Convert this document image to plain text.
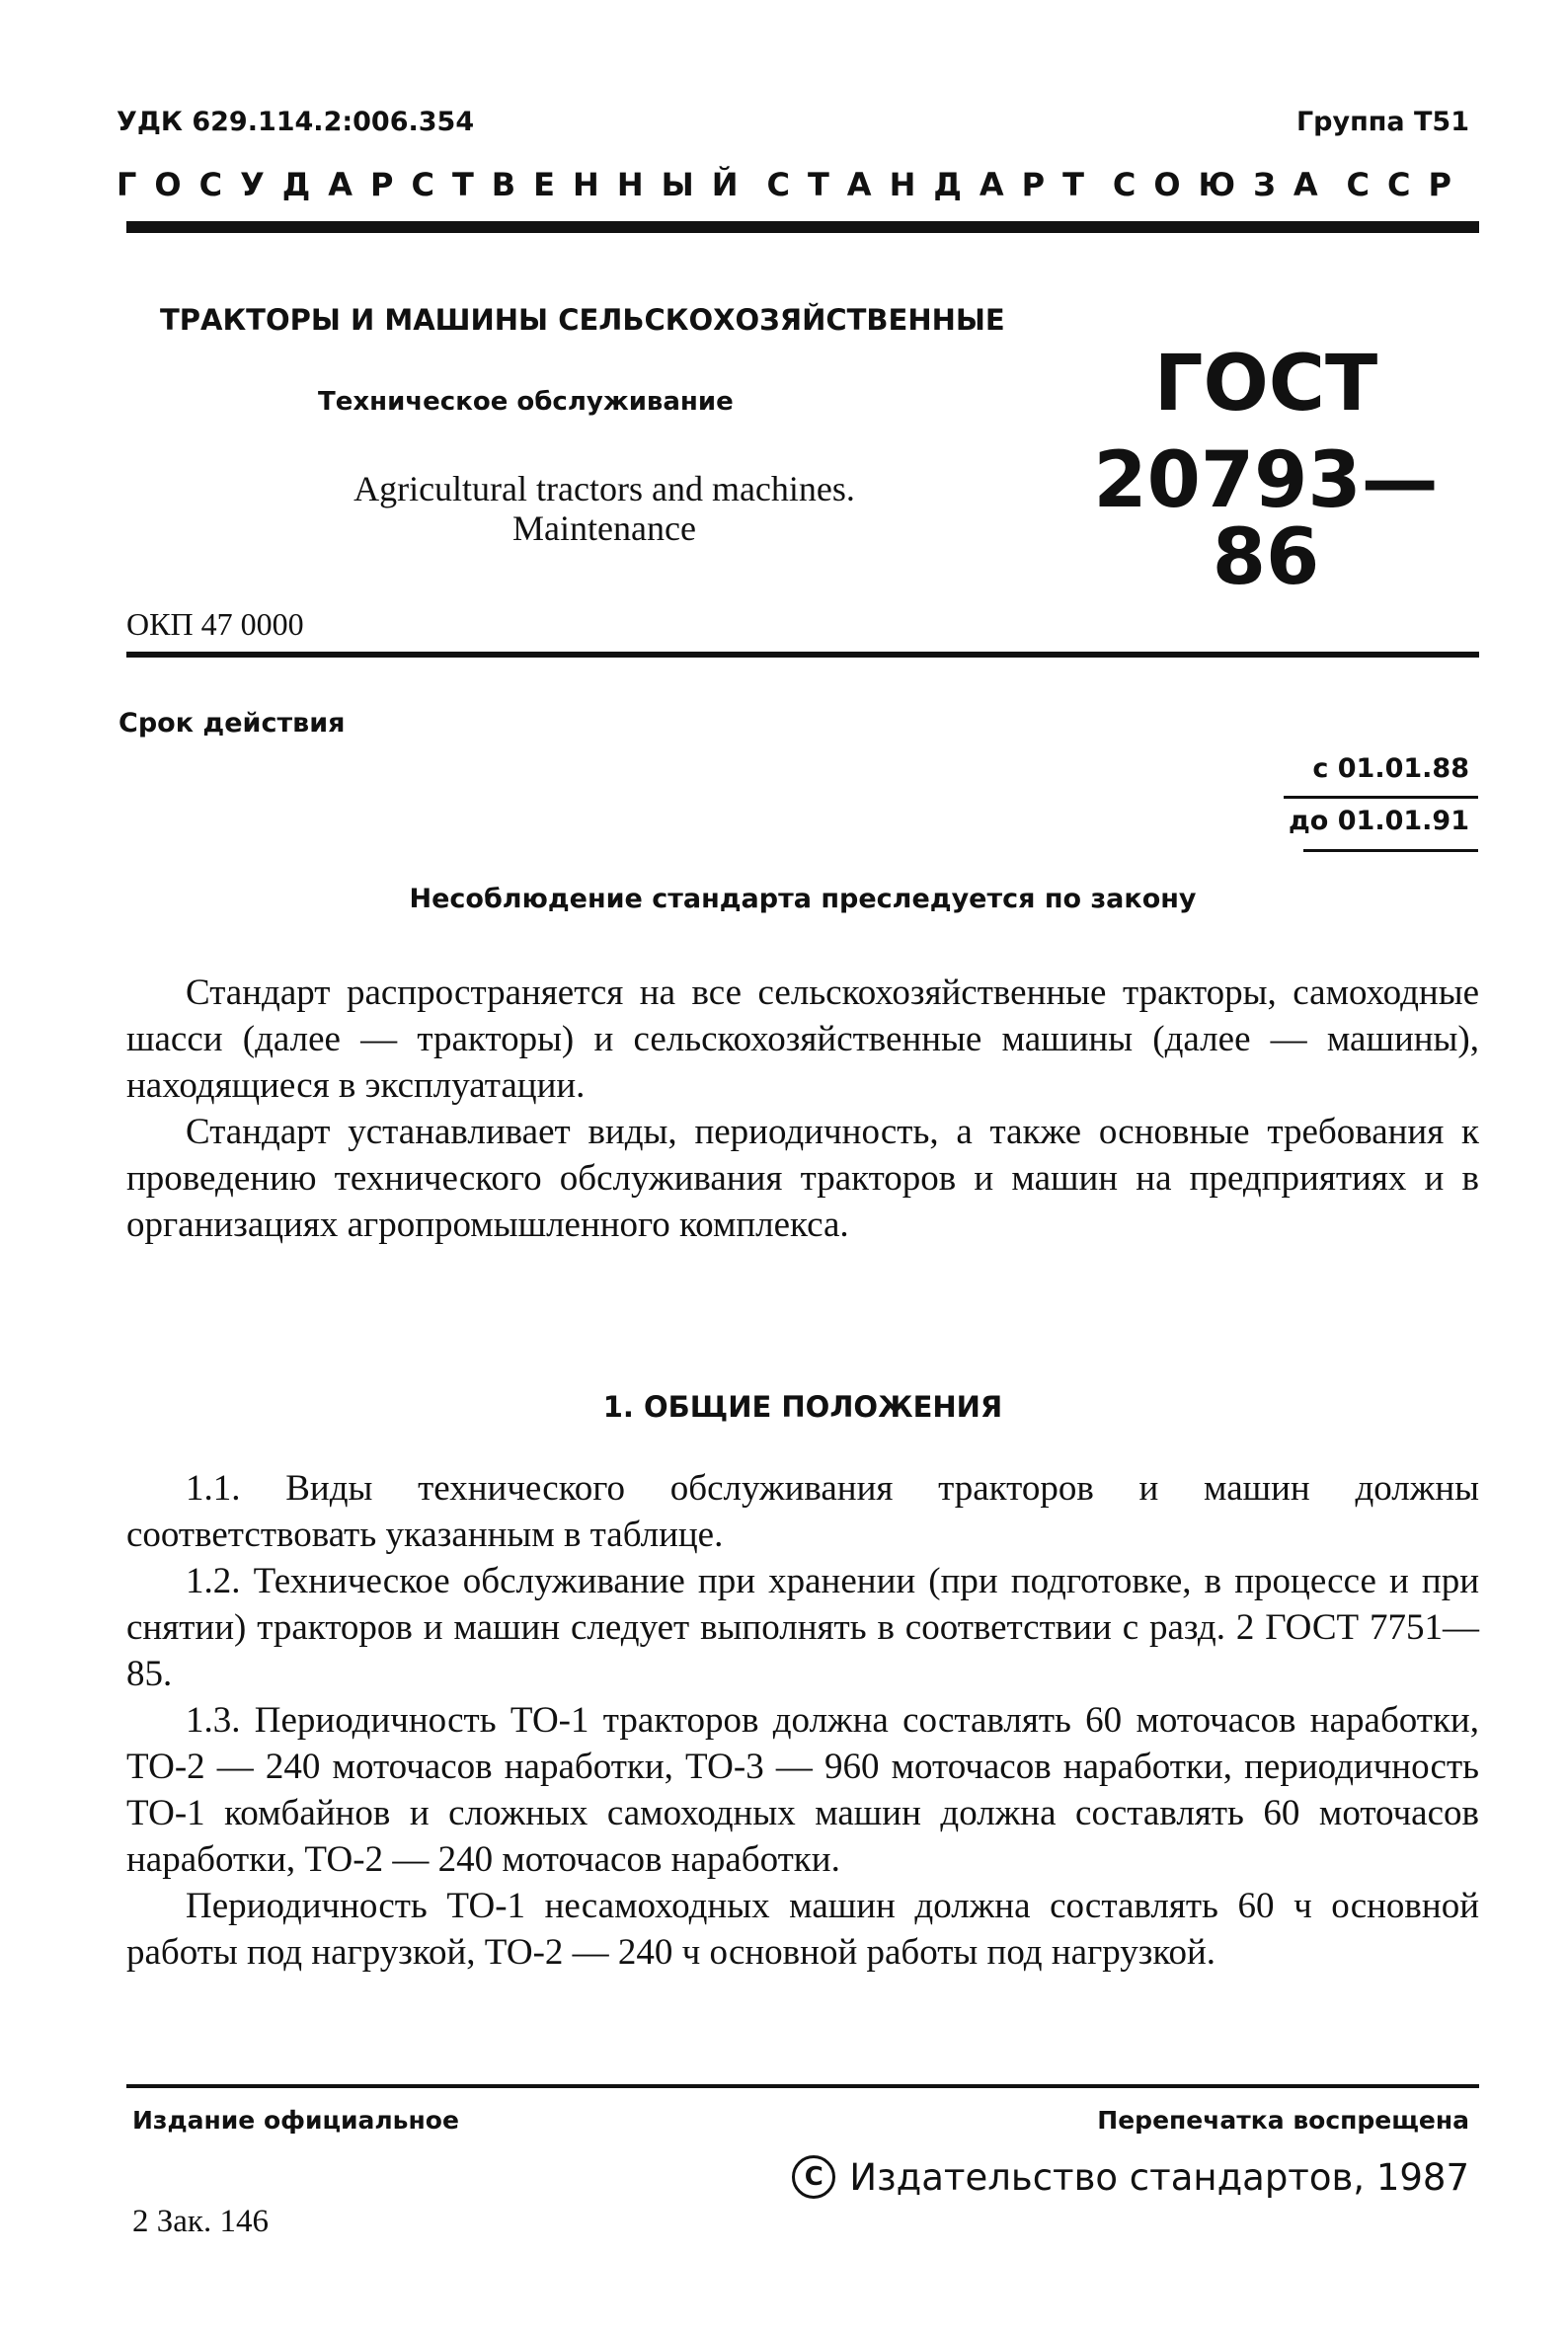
УДК 629.114.2:006.354	Группа Т51
ГОСУДАРСТВЕННЫЙ СТАНДАРТ СОЮЗА ССР
ТРАКТОРЫ И МАШИНЫ СЕЛЬСКОХОЗЯЙСТВЕННЫЕ
Техническое обслуживание
Agricultural tractors and machines.
Maintenance
ГОСТ
20793—86
ОКП 47 0000
Срок действия
с 01.01.88
до 01.01.91
Несоблюдение стандарта преследуется по закону

Стандарт распространяется на все сельскохозяйственные тракторы, самоходные шасси (далее — тракторы) и сельскохозяйственные машины (далее — машины), находящиеся в эксплуатации.

Стандарт устанавливает виды, периодичность, а также основные требования к проведению технического обслуживания тракторов и машин на предприятиях и в организациях агропромышленного комплекса.

1. ОБЩИЕ ПОЛОЖЕНИЯ

1.1. Виды технического обслуживания тракторов и машин должны соответствовать указанным в таблице.

1.2. Техническое обслуживание при хранении (при подготовке, в процессе и при снятии) тракторов и машин следует выполнять в соответствии с разд. 2 ГОСТ 7751—85.

1.3. Периодичность ТО-1 тракторов должна составлять 60 моточасов наработки, ТО-2 — 240 моточасов наработки, ТО-3 — 960 моточасов наработки, периодичность ТО-1 комбайнов и сложных самоходных машин должна составлять 60 моточасов наработки, ТО-2 — 240 моточасов наработки.

Периодичность ТО-1 несамоходных машин должна составлять 60 ч основной работы под нагрузкой, ТО-2 — 240 ч основной работы под нагрузкой.

Издание официальное	Перепечатка воспрещена
С Издательство стандартов, 1987
2 Зак. 146
